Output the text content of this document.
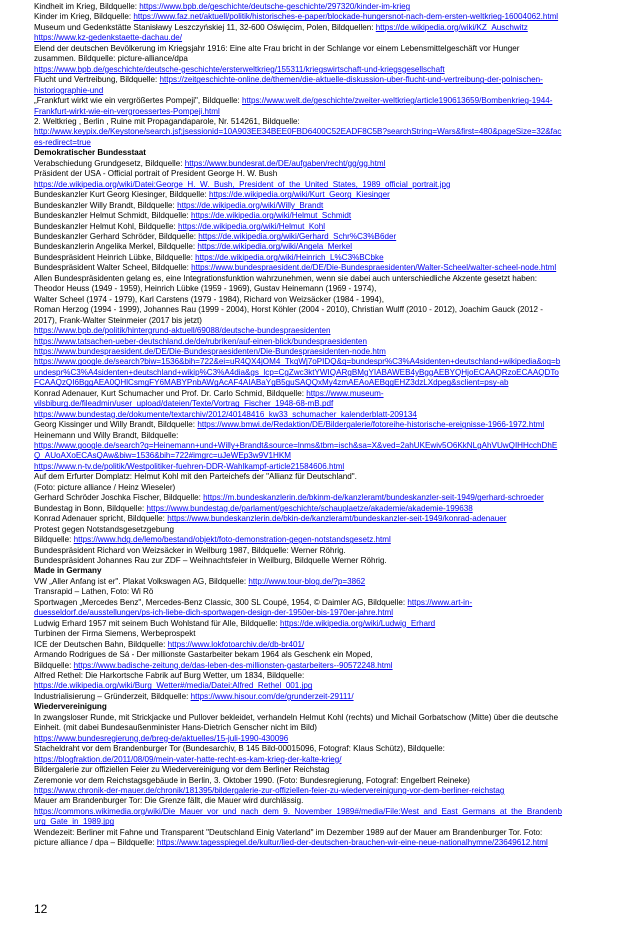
Kindheit im Krieg, Bildquelle: https://www.bpb.de/geschichte/deutsche-geschichte/297320/kinder-im-krieg
Kinder im Krieg, Bildquelle: https://www.faz.net/aktuell/politik/historisches-e-paper/blockade-hungersnot-nach-dem-ersten-weltkrieg-16004062.html
Museum und Gedenkstätte Stanisławy Leszczyńskiej 11, 32-600 Oświęcim, Polen, Bildquellen: https://de.wikipedia.org/wiki/KZ_Auschwitz
https://www.kz-gedenkstaette-dachau.de/
Elend der deutschen Bevölkerung im Kriegsjahr 1916: Eine alte Frau bricht in der Schlange vor einem Lebensmittelgeschäft vor Hunger
zusammen. Bildquelle: picture-alliance/dpa
https://www.bpb.de/geschichte/deutsche-geschichte/ersterweltkrieg/155311/kriegswirtschaft-und-kriegsgesellschaft
Flucht und Vertreibung, Bildquelle: https://zeitgeschichte-online.de/themen/die-aktuelle-diskussion-uber-flucht-und-vertreibung-der-polnischen-
historiographie-und
„Frankfurt wirkt wie ein vergrößertes Pompeji", Bildquelle: https://www.welt.de/geschichte/zweiter-weltkrieg/article190613659/Bombenkrieg-1944-
Frankfurt-wirkt-wie-ein-vergroessertes-Pompeji.html
2. Weltkrieg , Berlin , Ruine mit Propagandaparole, Nr. 514261, Bildquelle:
http://www.keypix.de/Keystone/search.jsf;jsessionid=10A903EE34BEE0FBD6400C52EADF8C5B?searchString=Wars&first=480&pageSize=32&fac
es-redirect=true
Demokratischer Bundesstaat
Verabschiedung Grundgesetz, Bildquelle: https://www.bundesrat.de/DE/aufgaben/recht/gg/gg.html
Präsident der USA - Official portrait of President George H. W. Bush
https://de.wikipedia.org/wiki/Datei:George_H._W._Bush,_President_of_the_United_States,_1989_official_portrait.jpg
Bundeskanzler Kurt Georg Kiesinger, Bildquelle: https://de.wikipedia.org/wiki/Kurt_Georg_Kiesinger
Bundeskanzler Willy Brandt, Bildquelle: https://de.wikipedia.org/wiki/Willy_Brandt
Bundeskanzler Helmut Schmidt, Bildquelle: https://de.wikipedia.org/wiki/Helmut_Schmidt
Bundeskanzler Helmut Kohl, Bildquelle: https://de.wikipedia.org/wiki/Helmut_Kohl
Bundeskanzler Gerhard Schröder, Bildquelle: https://de.wikipedia.org/wiki/Gerhard_Schr%C3%B6der
Bundeskanzlerin Angelika Merkel, Bildquelle: https://de.wikipedia.org/wiki/Angela_Merkel
Bundespräsident Heinrich Lübke, Bildquelle: https://de.wikipedia.org/wiki/Heinrich_L%C3%BCbke
Bundespräsident Walter Scheel, Bildquelle: https://www.bundespraesident.de/DE/Die-Bundespraesidenten/Walter-Scheel/walter-scheel-node.html
Allen Bundespräsidenten gelang es, eine Integrationsfunktion wahrzunehmen, wenn sie dabei auch unterschiedliche Akzente gesetzt haben:
Theodor Heuss (1949 - 1959), Heinrich Lübke (1959 - 1969), Gustav Heinemann (1969 - 1974),
Walter Scheel (1974 - 1979), Karl Carstens (1979 - 1984), Richard von Weizsäcker (1984 - 1994),
Roman Herzog (1994 - 1999), Johannes Rau (1999 - 2004), Horst Köhler (2004 - 2010), Christian Wulff (2010 - 2012), Joachim Gauck (2012 -
2017), Frank-Walter Steinmeier (2017 bis jetzt)
https://www.bpb.de/politik/hintergrund-aktuell/69088/deutsche-bundespraesidenten
https://www.tatsachen-ueber-deutschland.de/de/rubriken/auf-einen-blick/bundespraesidenten
https://www.bundespraesident.de/DE/Die-Bundespraesidenten/Die-Bundespraesidenten-node.htm
https://www.google.de/search?biw=1536&bih=722&ei=uR4QX4jOM4_TkqWj7oPIDQ&q=bundespr%C3%A4sidenten+deutschland+wikipedia&oq=b
undespr%C3%A4sidenten+deutschland+wikip%C3%A4dia&gs_lcp=CgZwc3ktYWIQARgBMgYIABAWEB4yBggAEBYQHjoECAAQRzoECAAQDTo
FCAAQzQI6BggAEA0QHlCsmgFY6MABYPnbAWgAcAF4AIABaYgB5guSAQQxMy4zmAEAoAEBqgEHZ3dzLXdpeg&sclient=psy-ab
Konrad Adenauer, Kurt Schumacher und Prof. Dr. Carlo Schmid, Bildquelle: https://www.museum-
vilsbiburg.de/fileadmin/user_upload/dateien/Texte/Vortrag_Fischer_1948-68-mB.pdf
https://www.bundestag.de/dokumente/textarchiv/2012/40148416_kw33_schumacher_kalenderblatt-209134
Georg Kissinger und Willy Brandt, Bildquelle: https://www.bmwi.de/Redaktion/DE/Bildergalerie/fotoreihe-historische-ereignisse-1966-1972.html
Heinemann und Willy Brandt, Bildquelle:
https://www.google.de/search?q=Heinemann+und+Willy+Brandt&source=lnms&tbm=isch&sa=X&ved=2ahUKEwiv5O6KkNLgAhVUwQIHHcchDhE
Q_AUoAXoECAsQAw&biw=1536&bih=722#imgrc=uJeWEp3w9V1HKM
https://www.n-tv.de/politik/Westpolitiker-fuehren-DDR-Wahlkampf-article21584606.html
Auf dem Erfurter Domplatz: Helmut Kohl mit den Parteichefs der "Allianz für Deutschland".
(Foto: picture alliance / Heinz Wieseler)
Gerhard Schröder Joschka Fischer, Bildquelle: https://m.bundeskanzlerin.de/bkinm-de/kanzleramt/bundeskanzler-seit-1949/gerhard-schroeder
Bundestag in Bonn, Bildquelle: https://www.bundestag.de/parlament/geschichte/schauplaetze/akademie/akademie-199638
Konrad Adenauer spricht, Bildquelle: https://www.bundeskanzlerin.de/bkin-de/kanzleramt/bundeskanzler-seit-1949/konrad-adenauer
Protest gegen Notstandsgesetzgebung
Bildquelle: https://www.hdg.de/lemo/bestand/objekt/foto-demonstration-gegen-notstandsgesetz.html
Bundespräsident Richard von Weizsäcker in Weilburg 1987, Bildquelle: Werner Röhrig.
Bundespräsident Johannes Rau zur ZDF – Weihnachtsfeier in Weilburg, Bildquelle Werner Röhrig.
Made in Germany
VW „Aller Anfang ist er". Plakat Volkswagen AG, Bildquelle: http://www.tour-blog.de/?p=3862
Transrapid – Lathen, Foto: Wi Rö
Sportwagen „Mercedes Benz", Mercedes-Benz Classic, 300 SL Coupé, 1954, © Daimler AG, Bildquelle: https://www.art-in-
duesseldorf.de/ausstellungen/ps-ich-liebe-dich-sportwagen-design-der-1950er-bis-1970er-jahre.html
Ludwig Erhard 1957 mit seinem Buch Wohlstand für Alle, Bildquelle: https://de.wikipedia.org/wiki/Ludwig_Erhard
Turbinen der Firma Siemens, Werbeprospekt
ICE der Deutschen Bahn, Bildquelle: https://www.lokfotoarchiv.de/db-br401/
Armando Rodrigues de Sá - Der millionste Gastarbeiter bekam 1964 als Geschenk ein Moped,
Bildquelle: https://www.badische-zeitung.de/das-leben-des-millionsten-gastarbeiters--90572248.html
Alfred Rethel: Die Harkortsche Fabrik auf Burg Wetter, um 1834, Bildquelle:
https://de.wikipedia.org/wiki/Burg_Wetter#/media/Datei:Alfred_Rethel_001.jpg
Industrialisierung – Gründerzeit, Bildquelle: https://www.hisour.com/de/grunderzeit-29111/
Wiedervereinigung
In zwangsloser Runde, mit Strickjacke und Pullover bekleidet, verhandeln Helmut Kohl (rechts) und Michail Gorbatschow (Mitte) über die deutsche
Einheit. (mit dabei Bundesaußenminister Hans-Dietrich Genscher nicht im Bild)
https://www.bundesregierung.de/breg-de/aktuelles/15-juli-1990-430096
Stacheldraht vor dem Brandenburger Tor (Bundesarchiv, B 145 Bild-00015096, Fotograf: Klaus Schütz), Bildquelle:
https://blogfraktion.de/2011/08/09/mein-vater-hatte-recht-es-kam-krieg-der-kalte-krieg/
Bildergalerie zur offiziellen Feier zu Wiedervereinigung vor dem Berliner Reichstag
Zeremonie vor dem Reichstagsgebäude in Berlin, 3. Oktober 1990. (Foto: Bundesregierung, Fotograf: Engelbert Reineke)
https://www.chronik-der-mauer.de/chronik/181395/bildergalerie-zur-offiziellen-feier-zu-wiedervereinigung-vor-dem-berliner-reichstag
Mauer am Brandenburger Tor: Die Grenze fällt, die Mauer wird durchlässig.
https://commons.wikimedia.org/wiki/Die_Mauer_vor_und_nach_dem_9._November_1989#/media/File:West_and_East_Germans_at_the_Brandenb
urg_Gate_in_1989.jpg
Wendezeit: Berliner mit Fahne und Transparent "Deutschland Einig Vaterland" im Dezember 1989 auf der Mauer am Brandenburger Tor. Foto:
picture alliance / dpa – Bildquelle: https://www.tagesspiegel.de/kultur/lied-der-deutschen-brauchen-wir-eine-neue-nationalhymne/23649612.html
12
